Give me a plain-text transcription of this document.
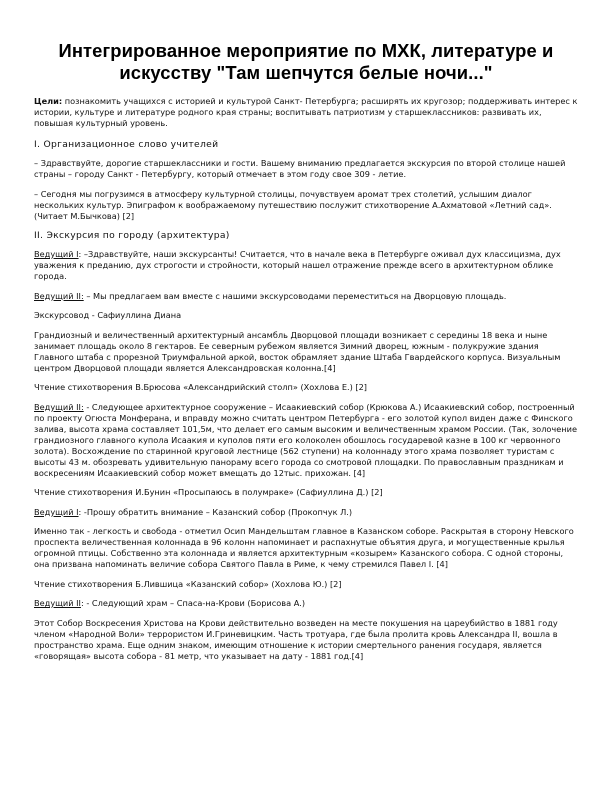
Интегрированное мероприятие по МХК, литературе и искусству "Там шепчутся белые ночи..."

Цели: познакомить учащихся с историей и культурой Санкт- Петербурга; расширять их кругозор; поддерживать интерес к истории, культуре и литературе родного края страны; воспитывать патриотизм у старшеклассников: развивать их, повышая культурный уровень.

I. Организационное слово учителей

– Здравствуйте, дорогие старшеклассники и гости. Вашему вниманию предлагается экскурсия по второй столице нашей страны – городу Санкт - Петербургу, который отмечает в этом году свое 309 - летие.

– Сегодня мы погрузимся в атмосферу культурной столицы, почувствуем аромат трех столетий, услышим диалог нескольких культур. Эпиграфом к воображаемому путешествию послужит стихотворение А.Ахматовой «Летний сад». (Читает М.Бычкова) [2]

II. Экскурсия по городу (архитектура)

Ведущий I: –Здравствуйте, наши экскурсанты! Считается, что в начале века в Петербурге оживал дух классицизма, дух уважения к преданию, дух строгости и стройности, который нашел отражение прежде всего в архитектурном облике города.

Ведущий II: – Мы предлагаем вам вместе с нашими экскурсоводами переместиться на Дворцовую площадь.

Экскурсовод - Сафиуллина Диана

Грандиозный и величественный архитектурный ансамбль Дворцовой площади возникает с середины 18 века и ныне занимает площадь около 8 гектаров. Ее северным рубежом является Зимний дворец, южным - полукружие здания Главного штаба с прорезной Триумфальной аркой, восток обрамляет здание Штаба Гвардейского корпуса. Визуальным центром Дворцовой площади является Александровская колонна.[4]

Чтение стихотворения В.Брюсова «Александрийский столп» (Хохлова Е.) [2]

Ведущий II: - Следующее архитектурное сооружение – Исаакиевский собор (Крюкова А.) Исаакиевский собор, построенный по проекту Огюста Монферана, и вправду можно считать центром Петербурга - его золотой купол виден даже с Финского залива, высота храма составляет 101,5м, что делает его самым высоким и величественным храмом России. (Так, золочение грандиозного главного купола Исаакия и куполов пяти его колоколен обошлось государевой казне в 100 кг червонного золота). Восхождение по старинной круговой лестнице (562 ступени) на колоннаду этого храма позволяет туристам с высоты 43 м. обозревать удивительную панораму всего города со смотровой площадки. По православным праздникам и воскресениям Исаакиевский собор может вмещать до 12тыс. прихожан. [4]

Чтение стихотворения И.Бунин «Просыпаюсь в полумраке» (Сафиуллина Д.) [2]

Ведущий I: -Прошу обратить внимание – Казанский собор (Прокопчук Л.)

Именно так - легкость и свобода - отметил Осип Мандельштам главное в Казанском соборе. Раскрытая в сторону Невского проспекта величественная колоннада в 96 колонн напоминает и распахнутые объятия друга, и могущественные крылья огромной птицы. Собственно эта колоннада и является архитектурным «козырем» Казанского собора. С одной стороны, она призвана напоминать величие собора Святого Павла в Риме, к чему стремился Павел I. [4]

Чтение стихотворения Б.Лившица «Казанский собор» (Хохлова Ю.) [2]

Ведущий II: - Следующий храм – Спаса-на-Крови (Борисова А.)

Этот Собор Воскресения Христова на Крови действительно возведен на месте покушения на цареубийство в 1881 году членом «Народной Воли» террористом И.Гриневицким. Часть тротуара, где была пролита кровь Александра II, вошла в пространство храма. Еще одним знаком, имеющим отношение к истории смертельного ранения государя, является «говорящая» высота собора - 81 метр, что указывает на дату - 1881 год.[4]
